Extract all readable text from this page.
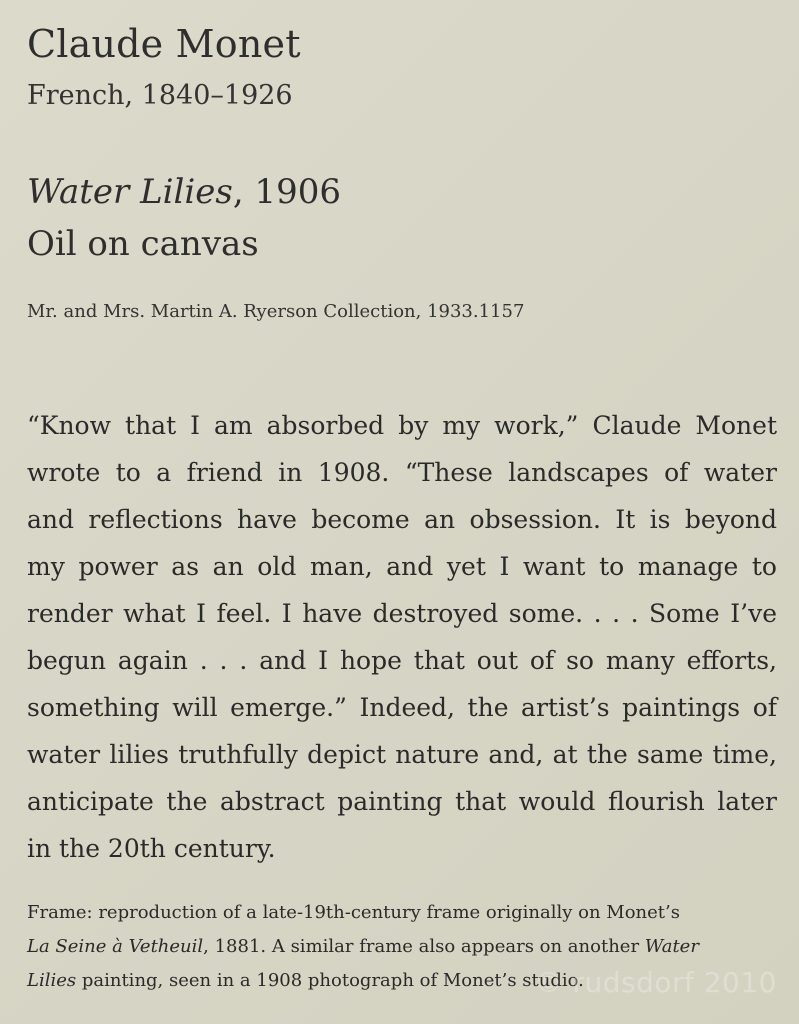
Claude Monet
French, 1840–1926
Water Lilies, 1906
Oil on canvas
Mr. and Mrs. Martin A. Ryerson Collection, 1933.1157
“Know that I am absorbed by my work,” Claude Monet
wrote to a friend in 1908. “These landscapes of water
and reflections have become an obsession. It is beyond
my power as an old man, and yet I want to manage to
render what I feel. I have destroyed some. . . . Some I’ve
begun again . . . and I hope that out of so many efforts,
something will emerge.” Indeed, the artist’s paintings of
water lilies truthfully depict nature and, at the same time,
anticipate the abstract painting that would flourish later
in the 20th century.
Frame: reproduction of a late-19th-century frame originally on Monet’s
La Seine à Vetheuil, 1881. A similar frame also appears on another Water
Lilies painting, seen in a 1908 photograph of Monet’s studio.
© rudsdorf 2010
